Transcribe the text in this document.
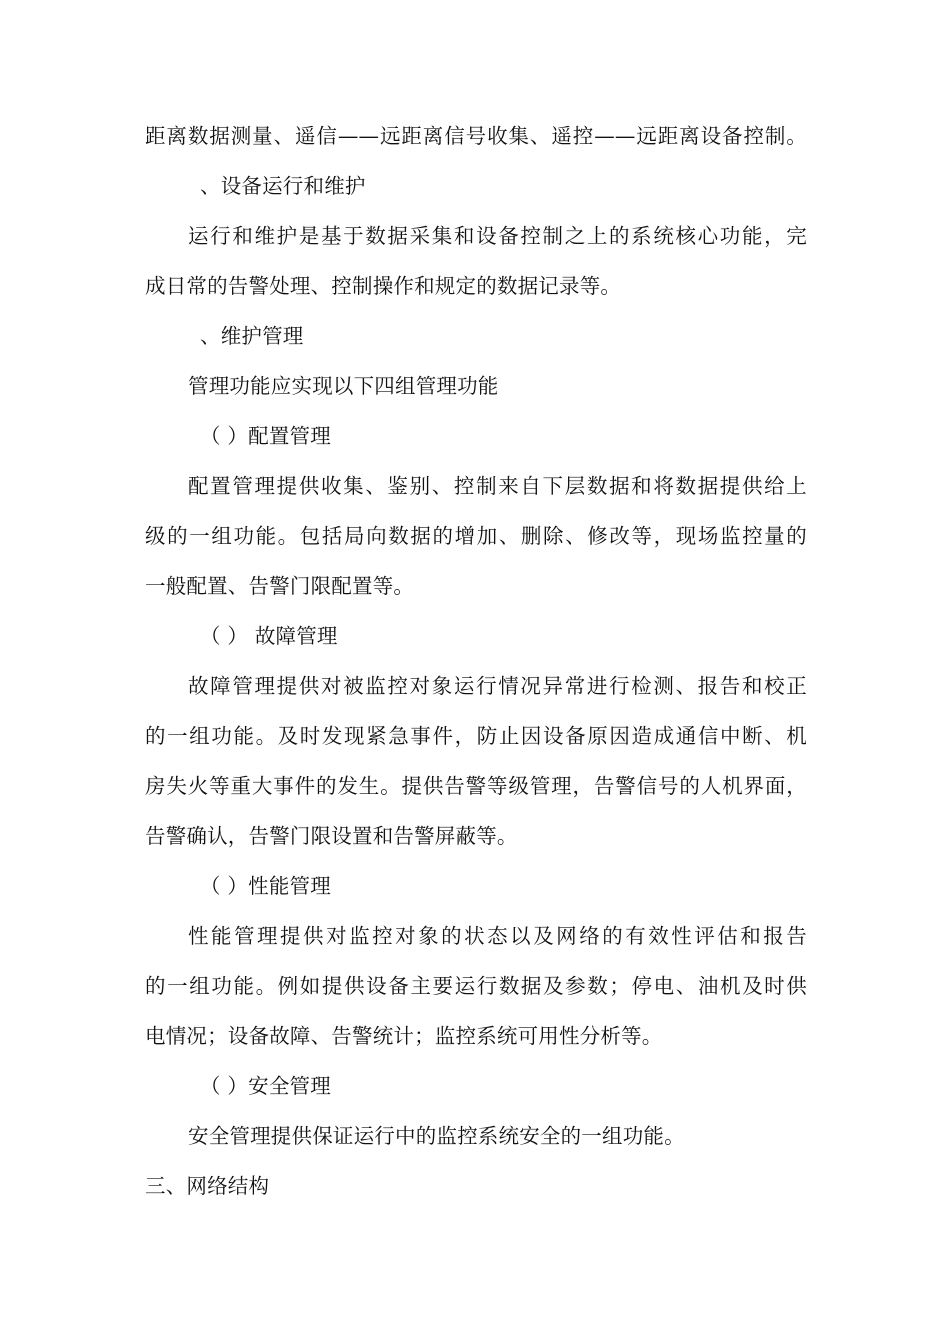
距离数据测量、遥信——远距离信号收集、遥控——远距离设备控制。
、设备运行和维护
运行和维护是基于数据采集和设备控制之上的系统核心功能，完
成日常的告警处理、控制操作和规定的数据记录等。
、维护管理
管理功能应实现以下四组管理功能
（ ）配置管理
配置管理提供收集、鉴别、控制来自下层数据和将数据提供给上
级的一组功能。包括局向数据的增加、删除、修改等，现场监控量的
一般配置、告警门限配置等。
（ ） 故障管理
故障管理提供对被监控对象运行情况异常进行检测、报告和校正
的一组功能。及时发现紧急事件，防止因设备原因造成通信中断、机
房失火等重大事件的发生。提供告警等级管理，告警信号的人机界面，
告警确认，告警门限设置和告警屏蔽等。
（ ）性能管理
性能管理提供对监控对象的状态以及网络的有效性评估和报告
的一组功能。例如提供设备主要运行数据及参数；停电、油机及时供
电情况；设备故障、告警统计；监控系统可用性分析等。
（ ）安全管理
安全管理提供保证运行中的监控系统安全的一组功能。
三、网络结构
